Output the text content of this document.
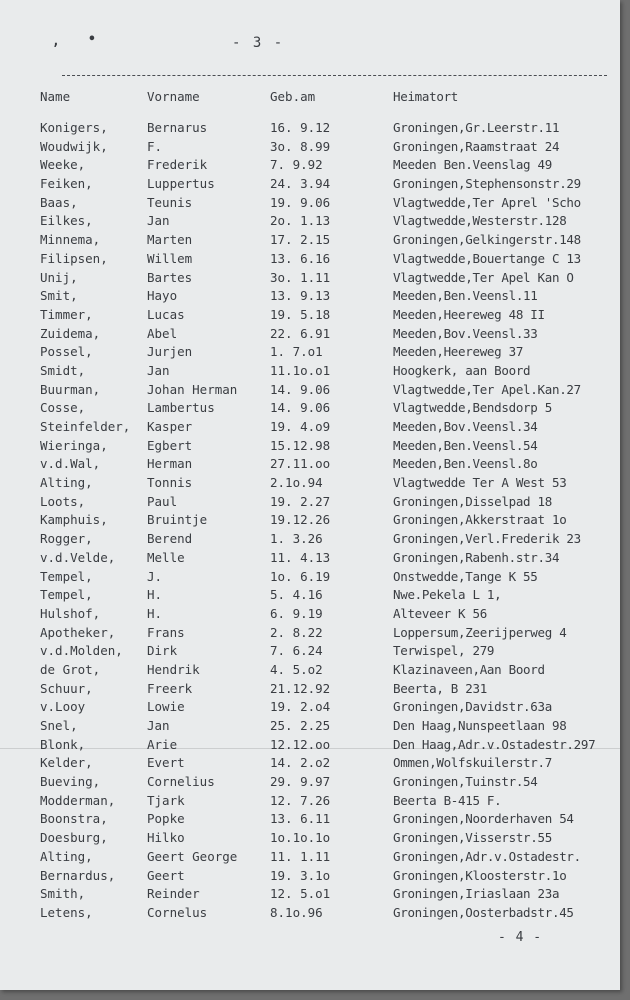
, •	- 3 -
Name	Vorname	Geb.am	Heimatort
Konigers,	Bernarus	16. 9.12	Groningen,Gr.Leerstr.11
Woudwijk,	F.	3o. 8.99	Groningen,Raamstraat 24
Weeke,	Frederik	7. 9.92	Meeden Ben.Veenslag 49
Feiken,	Luppertus	24. 3.94	Groningen,Stephensonstr.29
Baas,	Teunis	19. 9.06	Vlagtwedde,Ter Aprel 'Scho
Eilkes,	Jan	2o. 1.13	Vlagtwedde,Westerstr.128
Minnema,	Marten	17. 2.15	Groningen,Gelkingerstr.148
Filipsen,	Willem	13. 6.16	Vlagtwedde,Bouertange C 13
Unij,	Bartes	3o. 1.11	Vlagtwedde,Ter Apel Kan O
Smit,	Hayo	13. 9.13	Meeden,Ben.Veensl.11
Timmer,	Lucas	19. 5.18	Meeden,Heereweg 48 II
Zuidema,	Abel	22. 6.91	Meeden,Bov.Veensl.33
Possel,	Jurjen	1. 7.o1	Meeden,Heereweg 37
Smidt,	Jan	11.1o.o1	Hoogkerk, aan Boord
Buurman,	Johan Herman	14. 9.06	Vlagtwedde,Ter Apel.Kan.27
Cosse,	Lambertus	14. 9.06	Vlagtwedde,Bendsdorp 5
Steinfelder, Kasper	19. 4.o9	Meeden,Bov.Veensl.34
Wieringa,	Egbert	15.12.98	Meeden,Ben.Veensl.54
v.d.Wal,	Herman	27.11.oo	Meeden,Ben.Veensl.8o
Alting,	Tonnis	2.1o.94	Vlagtwedde Ter A West 53
Loots,	Paul	19. 2.27	Groningen,Disselpad 18
Kamphuis,	Bruintje	19.12.26	Groningen,Akkerstraat 1o
Rogger,	Berend	1. 3.26	Groningen,Verl.Frederik 23
v.d.Velde,	Melle	11. 4.13	Groningen,Rabenh.str.34
Tempel,	J.	1o. 6.19	Onstwedde,Tange K 55
Tempel,	H.	5. 4.16	Nwe.Pekela L 1,
Hulshof,	H.	6. 9.19	Alteveer K 56
Apotheker,	Frans	2. 8.22	Loppersum,Zeerijperweg 4
v.d.Molden, Dirk	7. 6.24	Terwispel, 279
de Grot,	Hendrik	4. 5.o2	Klazinaveen,Aan Boord
Schuur,	Freerk	21.12.92	Beerta, B 231
v.Looy	Lowie	19. 2.o4	Groningen,Davidstr.63a
Snel,	Jan	25. 2.25	Den Haag,Nunspeetlaan 98
Blonk,	Arie	12.12.oo	Den Haag,Adr.v.Ostadestr.297
Kelder,	Evert	14. 2.o2	Ommen,Wolfskuilerstr.7
Bueving,	Cornelius	29. 9.97	Groningen,Tuinstr.54
Modderman,	Tjark	12. 7.26	Beerta B-415 F.
Boonstra,	Popke	13. 6.11	Groningen,Noorderhaven 54
Doesburg,	Hilko	1o.1o.1o	Groningen,Visserstr.55
Alting,	Geert George	11. 1.11	Groningen,Adr.v.Ostadestr.
Bernardus,	Geert	19. 3.1o	Groningen,Kloosterstr.1o
Smith,	Reinder	12. 5.o1	Groningen,Iriaslaan 23a
Letens,	Cornelus	8.1o.96	Groningen,Oosterbadstr.45
- 4 -
